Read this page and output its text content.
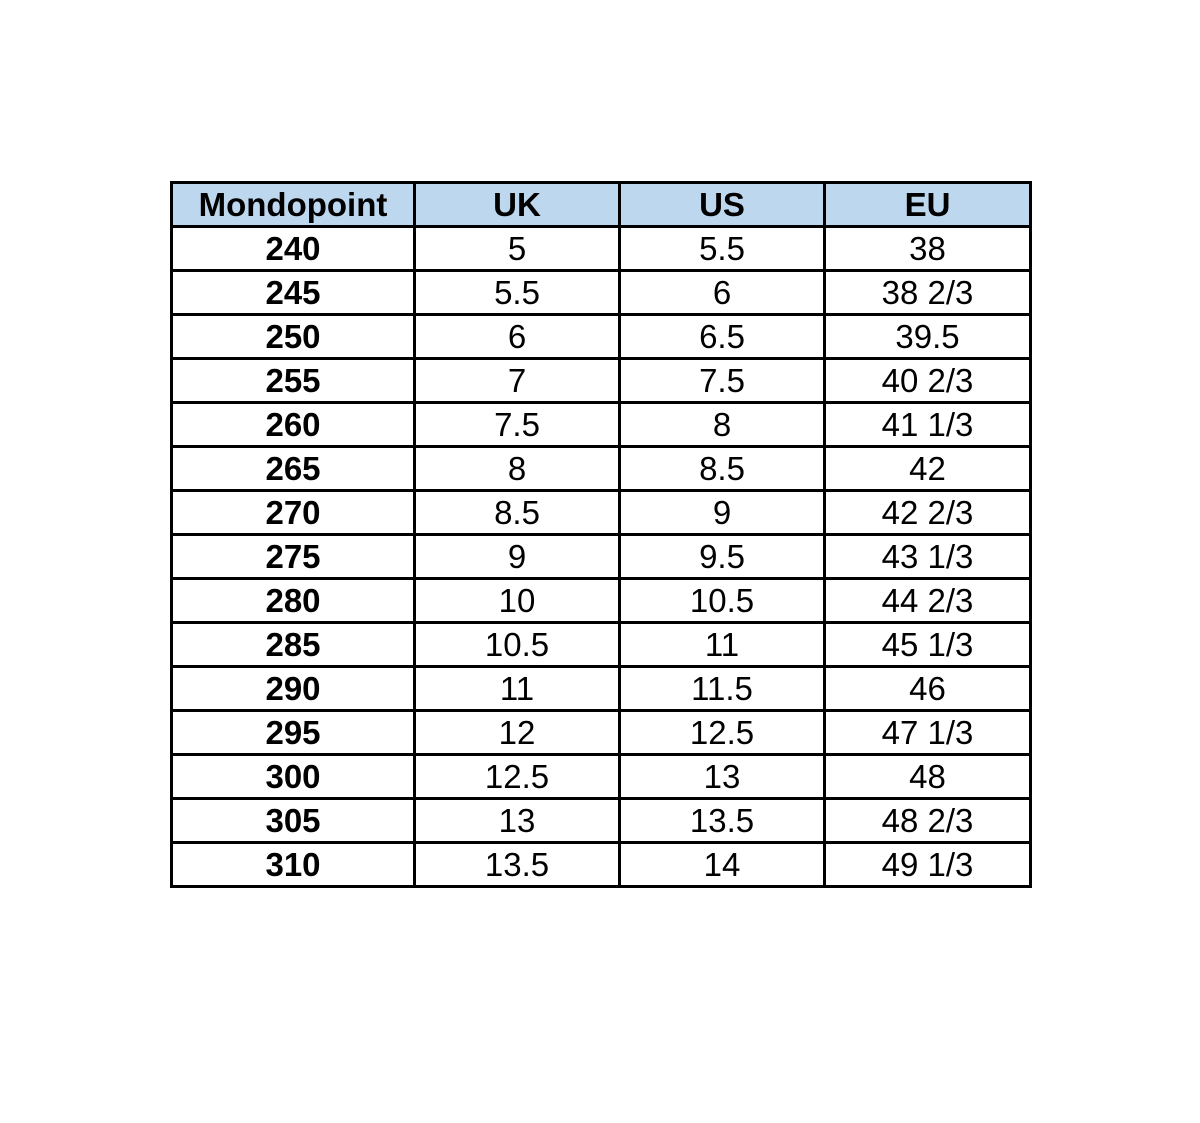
Mondopoint	UK	US	EU
240	5	5.5	38
245	5.5	6	38 2/3
250	6	6.5	39.5
255	7	7.5	40 2/3
260	7.5	8	41 1/3
265	8	8.5	42
270	8.5	9	42 2/3
275	9	9.5	43 1/3
280	10	10.5	44 2/3
285	10.5	11	45 1/3
290	11	11.5	46
295	12	12.5	47 1/3
300	12.5	13	48
305	13	13.5	48 2/3
310	13.5	14	49 1/3
